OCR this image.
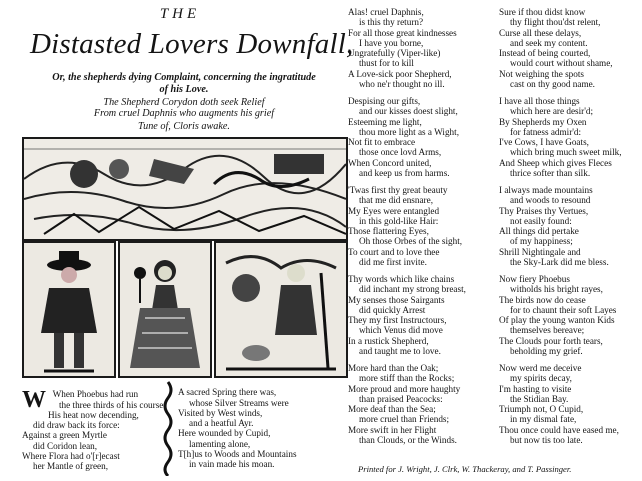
THE
Distasted Lovers Downfall,
Or, the shepherds dying Complaint, concerning the ingratitude
of his Love.
The Shepherd Corydon doth seek Relief
From cruel Daphnis who augments his grief
Tune of, Cloris awake.

W When Phoebus had run
the three thirds of his course,
His heat now decending,
did draw back its force:
Against a green Myrtle
did Coridon lean,
Where Flora had o'[r]ecast
her Mantle of green,

A sacred Spring there was,
whose Silver Streams were
Visited by West winds,
and a heatful Ayr.
Here wounded by Cupid,
lamenting alone,
T[h]us to Woods and Mountains
in vain made his moan.

Alas! cruel Daphnis,
is this thy return?
For all those great kindnesses
I have you borne,
Ungratefully (Viper-like)
thust for to kill
A Love-sick poor Shepherd,
who ne'r thought no ill.
Despising our gifts,
and our kisses doest slight,
Esteeming me light,
thou more light as a Wight,
Not fit to embrace
those once lovd Arms,
When Concord united,
and keep us from harms.
'Twas first thy great beauty
that me did ensnare,
My Eyes were entangled
in this gold-like Hair:
Those flattering Eyes,
Oh those Orbes of the sight,
To court and to love thee
did me first invite.
Thy words which like chains
did inchant my strong breast,
My senses those Sairgants
did quickly Arrest
They my first Instructours,
which Venus did move
In a rustick Shepherd,
and taught me to love.
More hard than the Oak;
more stiff than the Rocks;
More proud and more haughty
than praised Peacocks:
More deaf than the Sea;
more cruel than Friends;
More swift in her Flight
than Clouds, or the Winds.
Sure if thou didst know
thy flight thou'dst relent,
Curse all these delays,
and seek my content.
Instead of being courted,
would court without shame,
Not weighing the spots
cast on thy good name.
I have all those things
which here are desir'd;
By Shepherds my Oxen
for fatness admir'd:
I've Cows, I have Goats,
which bring much sweet milk,
And Sheep which gives Fleces
thrice softer than silk.
I always made mountains
and woods to resound
Thy Praises thy Vertues,
not easily found:
All things did pertake
of my happiness;
Shrill Nightingale and
the Sky-Lark did me bless.
Now fiery Phoebus
witholds his bright rayes,
The birds now do cease
for to chaunt their soft Layes
Of play the young wanton Kids
themselves bereave;
The Clouds pour forth tears,
beholding my grief.
Now werd me deceive
my spirits decay,
I'm hasting to visite
the Stidian Bay.
Triumph not, O Cupid,
in my dismal fate,
Thou once could have eased me,
but now tis too late.
Printed for J. Wright, J. Clrk, W. Thackeray, and T. Passinger.
